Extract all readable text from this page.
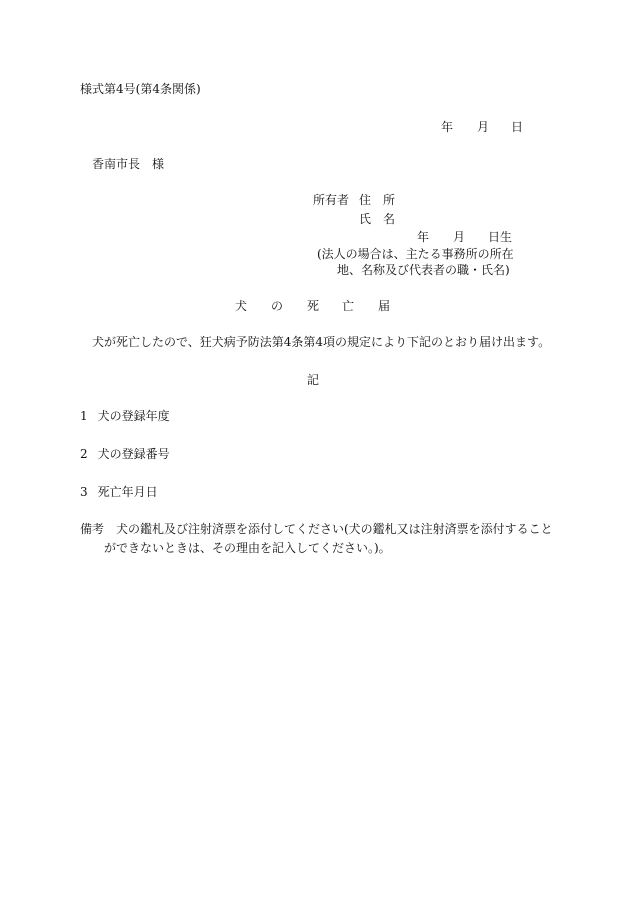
様式第4号(第4条関係)
年 月 日
香南市長　様
所有者 住　所
氏　名
年 月 日生
(法人の場合は、主たる事務所の所在
地、名称及び代表者の職・氏名)
犬 の 死 亡 届
犬が死亡したので、狂犬病予防法第4条第4項の規定により下記のとおり届け出ます。
記
1 犬の登録年度
2 犬の登録番号
3 死亡年月日
備考 犬の鑑札及び注射済票を添付してください(犬の鑑札又は注射済票を添付すること
ができないときは、その理由を記入してください。)。
